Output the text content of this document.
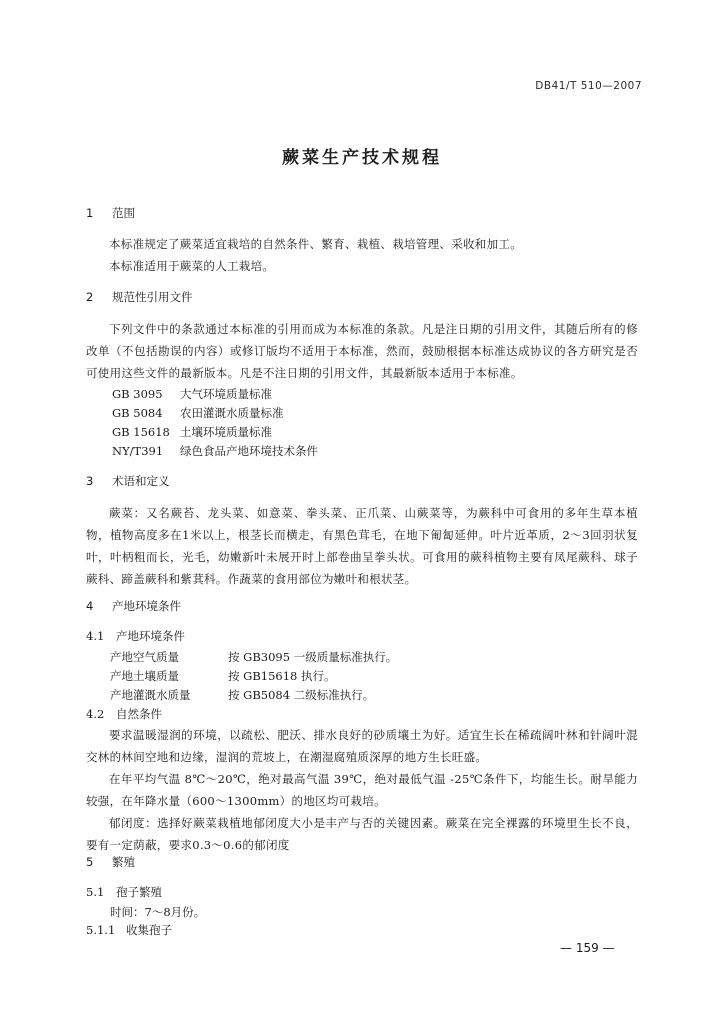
DB41/T 510—2007
蕨菜生产技术规程
1 范围
本标准规定了蕨菜适宜栽培的自然条件、繁育、栽植、栽培管理、采收和加工。
本标准适用于蕨菜的人工栽培。
2 规范性引用文件
下列文件中的条款通过本标准的引用而成为本标准的条款。凡是注日期的引用文件，其随后所有的修改单（不包括勘误的内容）或修订版均不适用于本标准，然而，鼓励根据本标准达成协议的各方研究是否可使用这些文件的最新版本。凡是不注日期的引用文件，其最新版本适用于本标准。
GB 3095 大气环境质量标准
GB 5084 农田灌溉水质量标准
GB 15618 土壤环境质量标准
NY/T391 绿色食品产地环境技术条件
3 术语和定义
蕨菜：又名蕨苔、龙头菜、如意菜、拳头菜、正爪菜、山蕨菜等，为蕨科中可食用的多年生草本植物，植物高度多在1米以上，根茎长而横走，有黑色茸毛，在地下匍匐延伸。叶片近革质，2～3回羽状复叶，叶柄粗而长，光毛，幼嫩新叶未展开时上部卷曲呈拳头状。可食用的蕨科植物主要有凤尾蕨科、球子蕨科、蹄盖蕨科和紫萁科。作蔬菜的食用部位为嫩叶和根状茎。
4 产地环境条件
4.1 产地环境条件
产地空气质量	按 GB3095 一级质量标准执行。
产地土壤质量	按 GB15618 执行。
产地灌溉水质量	按 GB5084 二级标准执行。
4.2 自然条件
要求温暖湿润的环境，以疏松、肥沃、排水良好的砂质壤土为好。适宜生长在稀疏阔叶林和针阔叶混交林的林间空地和边缘，湿润的荒坡上，在潮湿腐殖质深厚的地方生长旺盛。
在年平均气温 8℃～20℃，绝对最高气温 39℃，绝对最低气温 -25℃条件下，均能生长。耐旱能力较强，在年降水量（600～1300mm）的地区均可栽培。
郁闭度：选择好蕨菜栽植地郁闭度大小是丰产与否的关键因素。蕨菜在完全裸露的环境里生长不良，要有一定荫蔽，要求0.3～0.6的郁闭度
5 繁殖
5.1 孢子繁殖
时间：7～8月份。
5.1.1 收集孢子
— 159 —
